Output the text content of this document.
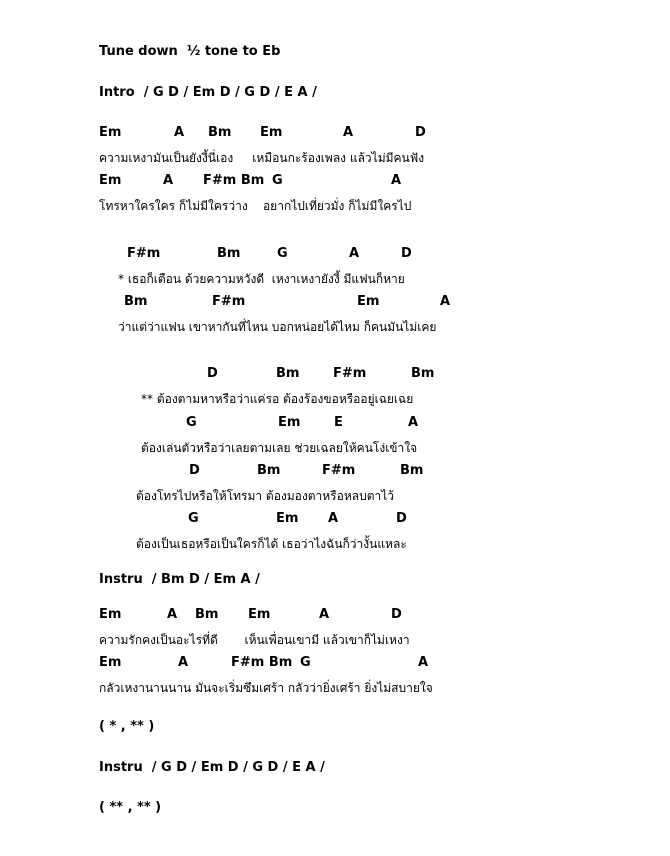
Tune down  ½ tone to Eb
Intro  / G D / Em D / G D / E A /

Em

	A

Bm

Em

	A

	D

ความเหงามันเป็นยังงี้นี่เอง     เหมือนกะร้องเพลง แล้วไม่มีคนฟัง

Em

	A

F#m Bm

G

	A

โทรหาใครใคร ก็ไม่มีใครว่าง    อยากไปเที่ยวมั่ง ก็ไม่มีใครไป

F#m

	Bm

	G

	A

	D

* เธอก็เตือน ด้วยความหวังดี  เหงาเหงายังงี้ มีแฟนก็หาย

Bm

	F#m

	Em

	A

ว่าแต่ว่าแฟน เขาหากันที่ไหน บอกหน่อยได้ไหม ก็คนมันไม่เคย

D

	Bm

	F#m

	Bm

** ต้องตามหาหรือว่าแค่รอ ต้องร้องขอหรืออยู่เฉยเฉย

G

	Em

	E

	A

ต้องเล่นตัวหรือว่าเลยตามเลย ช่วยเฉลยให้คนโง่เข้าใจ

D

	Bm

	F#m

	Bm

ต้องโทรไปหรือให้โทรมา ต้องมองตาหรือหลบตาไว้

G

	Em

A

	D

ต้องเป็นเธอหรือเป็นใครก็ได้ เธอว่าไงฉันก็ว่างั้นแหละ
Instru  / Bm D / Em A /

Em

	A

Bm

Em

	A

	D

ความรักคงเป็นอะไรที่ดี       เห็นเพื่อนเขามี แล้วเขาก็ไม่เหงา

Em

	A

	F#m Bm

G

	A

กลัวเหงานานนาน มันจะเริ่มซึมเศร้า กลัวว่ายิ่งเศร้า ยิ่งไม่สบายใจ
( * , ** )
Instru  / G D / Em D / G D / E A /
( ** , ** )
